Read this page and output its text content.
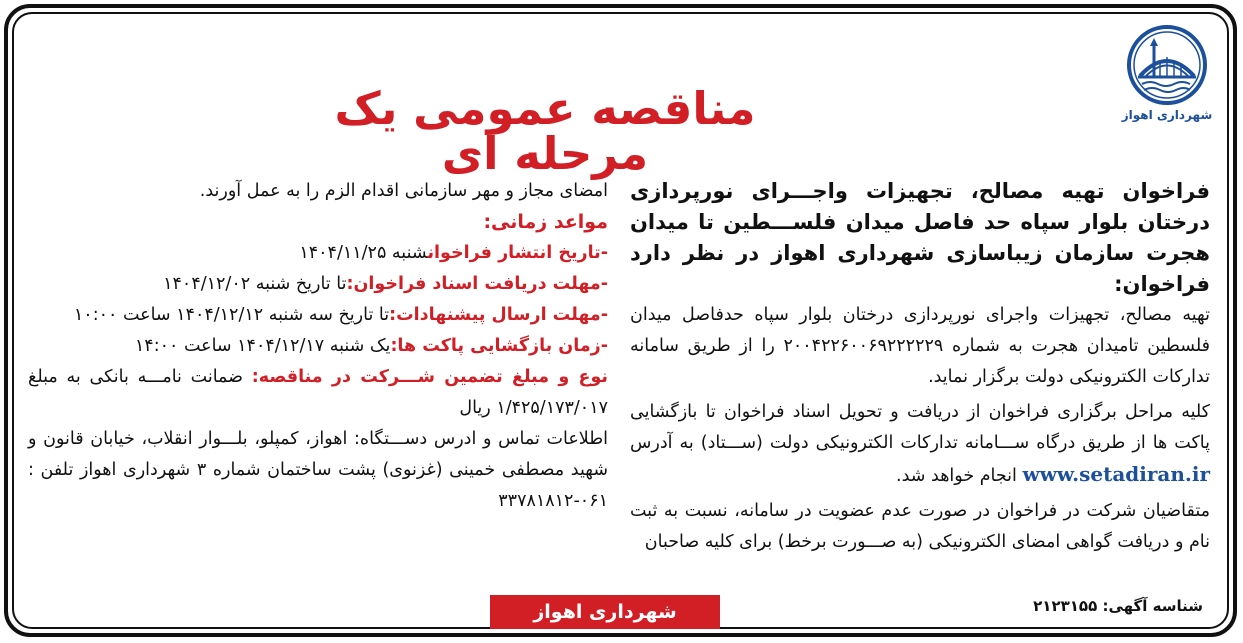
شهرداری اهواز
مناقصه عمومی یک مرحله ای
فراخوان تهیه مصالح، تجهیزات واجـــرای نورپردازی درختان بلوار سپاه حد فاصل میدان فلســـطین تا میدان هجرت سازمان زیباسازی شهرداری اهواز در نظر دارد فراخوان:
تهیه مصالح، تجهیزات واجرای نورپردازی درختان بلوار سپاه حدفاصل میدان فلسطین تامیدان هجرت به شماره ۲۰۰۴۲۲۶۰۰۶۹۲۲۲۲۲۹ را از طریق سامانه تدارکات الکترونیکی دولت برگزار نماید.
کلیه مراحل برگزاری فراخوان از دریافت و تحویل اسناد فراخوان تا بازگشایی پاکت ها از طریق درگاه ســـامانه تدارکات الکترونیکی دولت (ســـتاد) به آدرس www.setadiran.ir انجام خواهد شد.
متقاضیان شرکت در فراخوان در صورت عدم عضویت در سامانه، نسبت به ثبت نام و دریافت گواهی امضای الکترونیکی (به صـــورت برخط) برای کلیه صاحبان
امضای مجاز و مهر سازمانی اقدام الزم را به عمل آورند.
مواعد زمانی:
-تاریخ انتشار فراخوانشنبه ۱۴۰۴/۱۱/۲۵
-مهلت دریافت اسناد فراخوان:تا تاریخ شنبه ۱۴۰۴/۱۲/۰۲
-مهلت ارسال پیشنهادات:تا تاریخ سه شنبه ۱۴۰۴/۱۲/۱۲ ساعت ۱۰:۰۰
-زمان بازگشایی پاکت ها:یک شنبه ۱۴۰۴/۱۲/۱۷ ساعت ۱۴:۰۰
نوع و مبلغ تضمین شـــرکت در مناقصه: ضمانت نامـــه بانکی به مبلغ ۱/۴۲۵/۱۷۳/۰۱۷ ریال
اطلاعات تماس و ادرس دســـتگاه: اهواز، کمپلو، بلـــوار انقلاب، خیابان قانون و شهید مصطفی خمینی (غزنوی) پشت ساختمان شماره ۳ شهرداری اهواز تلفن : ۰۶۱-۳۳۷۸۱۸۱۲
شناسه آگهی: ۲۱۲۳۱۵۵
شهرداری اهواز
